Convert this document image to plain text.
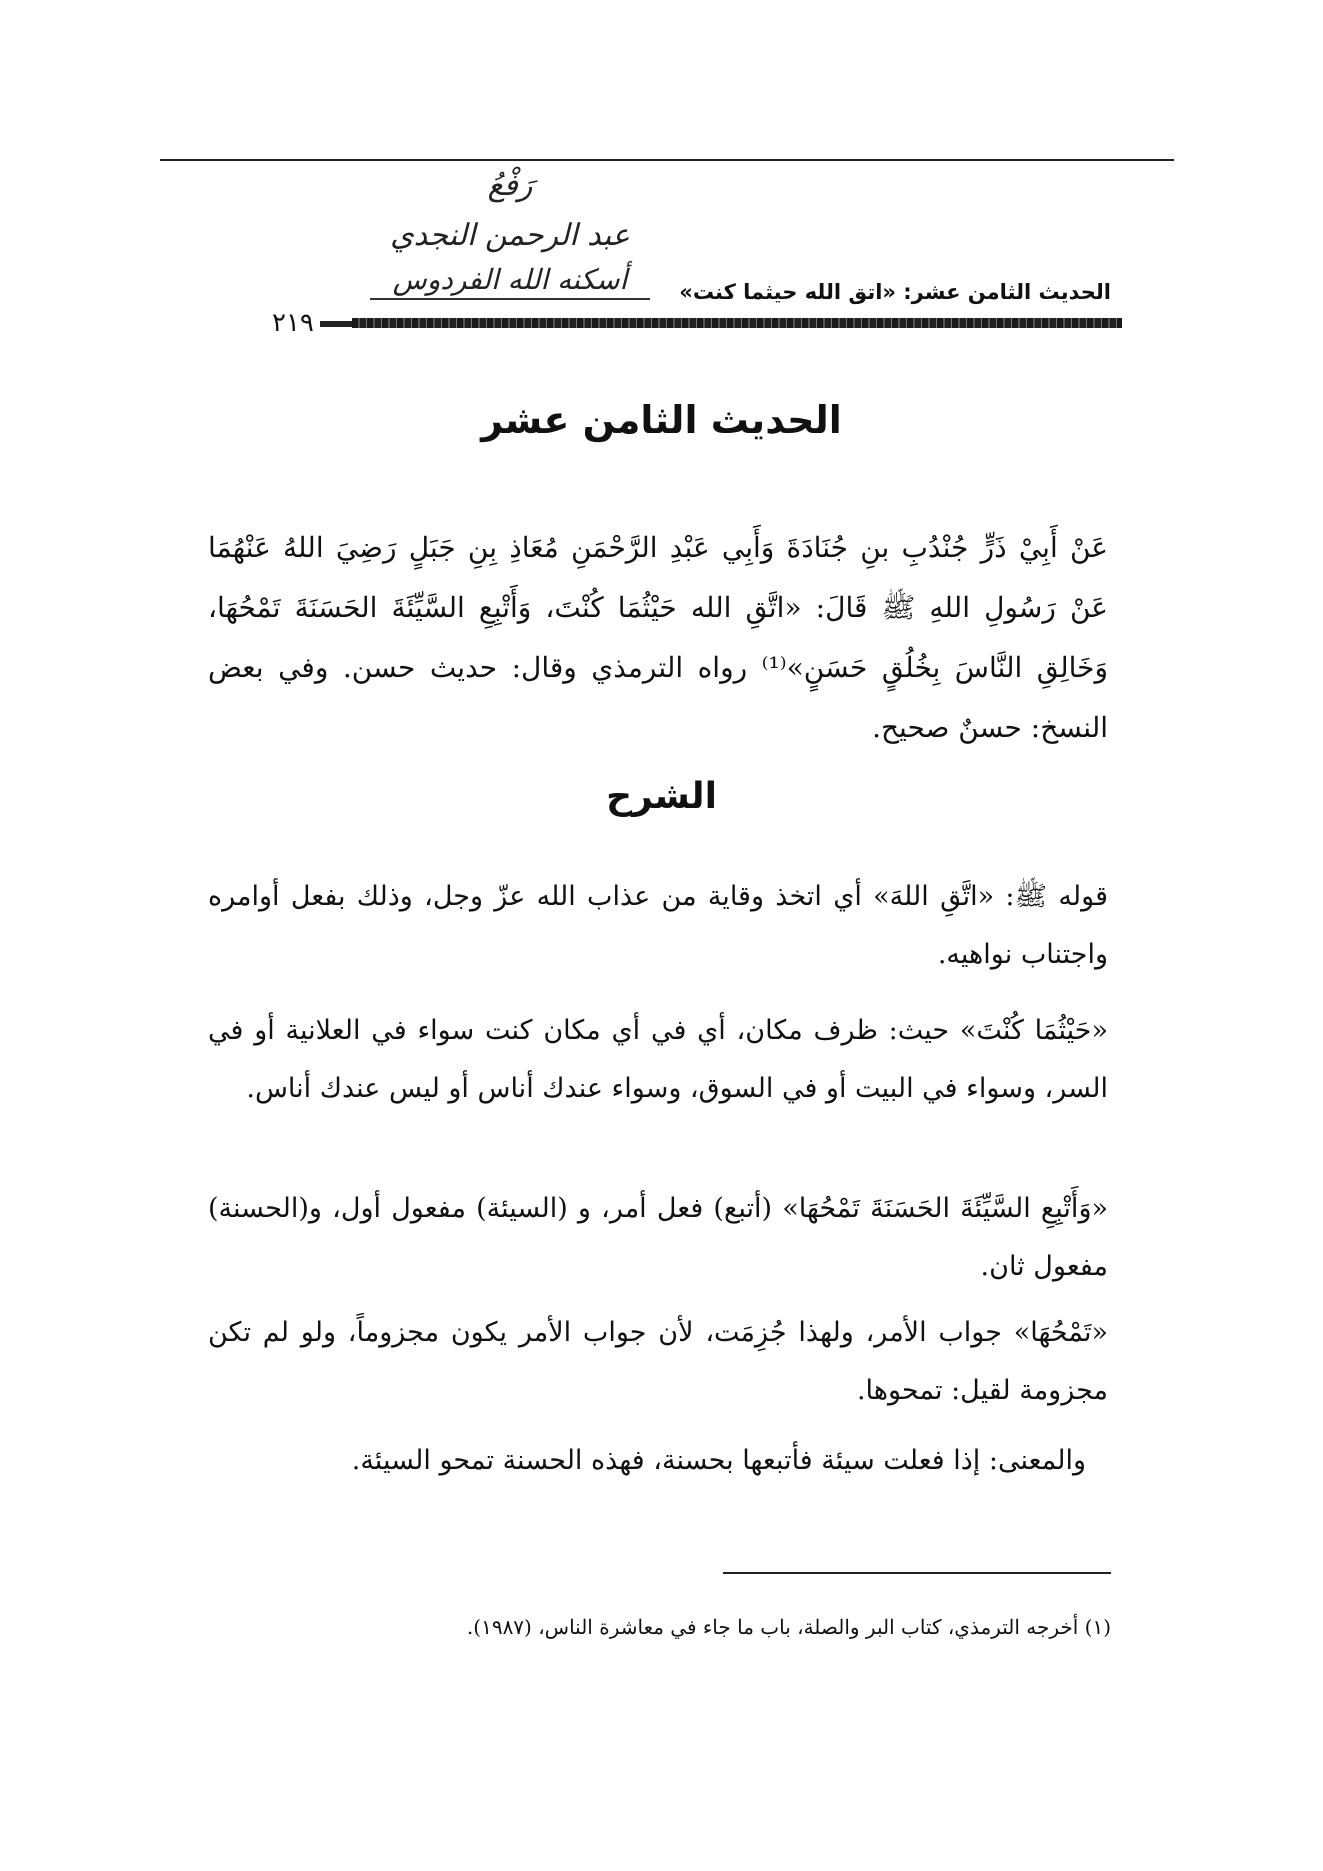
رَفْعُ
عبد الرحمن النجدي
أسكنه الله الفردوس	الحديث الثامن عشر: «اتق الله حيثما كنت»
٢١٩
الحديث الثامن عشر

عَنْ أَبِيْ ذَرٍّ جُنْدُبِ بنِ جُنَادَةَ وَأَبِي عَبْدِ الرَّحْمَنِ مُعَاذِ بِنِ جَبَلٍ رَضِيَ اللهُ عَنْهُمَا عَنْ رَسُولِ اللهِ ﷺ قَالَ: «اتَّقِ الله حَيْثُمَا كُنْتَ، وَأَتْبِعِ السَّيِّئَةَ الحَسَنَةَ تَمْحُهَا، وَخَالِقِ النَّاسَ بِخُلُقٍ حَسَنٍ»⁽¹⁾ رواه الترمذي وقال: حديث حسن. وفي بعض النسخ: حسنٌ صحيح.

الشرح

قوله ﷺ: «اتَّقِ اللهَ» أي اتخذ وقاية من عذاب الله عزّ وجل، وذلك بفعل أوامره واجتناب نواهيه.

«حَيْثُمَا كُنْتَ» حيث: ظرف مكان، أي في أي مكان كنت سواء في العلانية أو في السر، وسواء في البيت أو في السوق، وسواء عندك أناس أو ليس عندك أناس.

«وَأَتْبِعِ السَّيِّئَةَ الحَسَنَةَ تَمْحُهَا» (أتبع) فعل أمر، و (السيئة) مفعول أول، و(الحسنة) مفعول ثان.

«تَمْحُهَا» جواب الأمر، ولهذا جُزِمَت، لأن جواب الأمر يكون مجزوماً، ولو لم تكن مجزومة لقيل: تمحوها.

والمعنى: إذا فعلت سيئة فأتبعها بحسنة، فهذه الحسنة تمحو السيئة.

(١) أخرجه الترمذي، كتاب البر والصلة، باب ما جاء في معاشرة الناس، (١٩٨٧).
